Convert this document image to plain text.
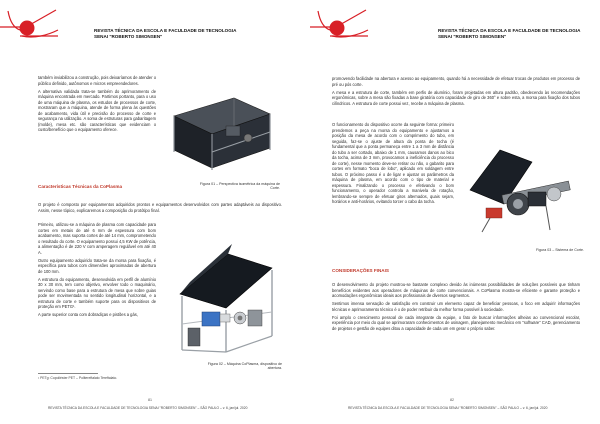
REVISTA TÉCNICA DA ESCOLA E FACULDADE DE TECNOLOGIA
SENAI "ROBERTO SIMONSEN"

também inviabilizou a construção, pois deixaríamos de atender o público definido, autônomos e micros empreendedores.

A alternativa validada trata-se também do aprimoramento de máquina encontrada em mercado. Partimos portanto, para o uso de uma máquina de plasma, os estudos de processos de corte, mostraram que a máquina, atende de forma plena às questões de acabamento, vida útil e precisão do processo de corte e segurança na utilização. A soma de estruturas para gabaritagem (molde), mesa etc. são características que evidenciam o custo/benefício que o equipamento oferece.

Figura 01 – Perspectiva isométrica da máquina de Corte.
Características Técnicas da CoPlasma

O projeto é composto por equipamentos adquiridos prontos e equipamentos desenvolvidos com partes adaptáveis ao dispositivo. Assim, nesse tópico, explicaremos a composição do protótipo final.

Primeiro, utilizou-se a máquina de plasma com capacidade para cortes em metais de até 6 mm de espessura com bom acabamento, mas suporta cortes de até 14 mm, comprometendo o resultado do corte. O equipamento possui 4,5 KW de potência, a alimentação é de 220 V com amperagem regulável em até 40 A.

Outro equipamento adquirido trata-se da morsa para fixação, é específica para tubos com dimensões aproximadas de abertura de 100 mm.

A estrutura do equipamento, desenvolvida em perfil de alumínio 30 x 30 mm, tem como objetivo, envolver todo o maquinário, servindo como base para a estrutura de mesa que sobre guias pode ser movimentada no sentido longitudinal horizontal, e a estrutura de corte e também suporte para os dispositivos de proteção em PETG¹.

A parte superior conta com dobradiças e pistões a gás,

Figura 02 – Máquina CoPlasma, dispositivo de abertura.
¹ PETg: Copoliéster PET – Politereftalato Tereftalato.
81
REVISTA TÉCNICA DA ESCOLA E FACULDADE DE TECNOLOGIA SENAI "ROBERTO SIMONSEN" – SÃO PAULO – v. 6, jan/jul. 2020
REVISTA TÉCNICA DA ESCOLA E FACULDADE DE TECNOLOGIA
SENAI "ROBERTO SIMONSEN"

promovendo facilidade na abertura e acesso ao equipamento, quando há a necessidade de efetuar trocas de produtos em processo de pré ou pós corte.

A mesa e a estrutura de corte, também em perfis de alumínio, foram projetadas em altura padrão, obedecendo às recomendações ergonômicas, sobre a mesa são fixadas a base giratória com capacidade de giro de 360° e sobre esta, a morsa para fixação dos tubos cilíndricos. A estrutura de corte possui vez, recebe a máquina de plasma.

O funcionamento do dispositivo ocorre da seguinte forma: primeiro prendemos a peça na morsa do equipamento e ajustamos a posição da mesa de acordo com o comprimento do tubo, em seguida, faz-se o ajuste de altura da ponta de tocha (é fundamental que a ponta permaneça entre 1 a 3 mm de distância do tubo a ser cortado, abaixo de 1 mm, causamos danos ao bico da tocha, acima de 3 mm, provocamos a ineficiência do processo de corte), nesse momento deve-se retirar ou não, o gabarito para cortes em formato "boca de lobo", aplicado em soldagem entre tubos. O próximo passo é o de ligar e ajustar os parâmetros da máquina de plasma, em acordo com o tipo de material e espessura. Finalizando o processo e efetivando o bom funcionamento, o operador controla a manivela de rotação, lembrando-se sempre de efetuar giros alternados, quais sejam, horários e anti-horários, evitando torcer o cabo da tocha.

Figura 03 – Sistema de Corte.
CONSIDERAÇÕES FINAIS

O desenvolvimento do projeto mostrou-se bastante complexo devido às inúmeras possibilidades de soluções possíveis que tinham benefícios evidentes aos operadores de máquinas de corte convencionais. A CoPlasma mostra-se eficiente e garante proteção e acomodações ergonômicas ideais aos profissionais de diversos segmentos.

Sentimos imensa sensação de satisfação em construir um elemento capaz de beneficiar pessoas, o foco em adquirir informações técnicas e aprimoramento técnico é o de poder retribuir da melhor forma possível à sociedade.

Foi amplo o crescimento pessoal de cada integrante da equipe, o fato de buscar informações alheias ao convencional escolar, experiência por meio do qual se aprimoraram conhecimentos de usinagem, planejamento mecânico em "software" CAD, gerenciamento de projetos e gestão de equipes ditou a capacidade de cada um em gerar o próprio saber.

82
REVISTA TÉCNICA DA ESCOLA E FACULDADE DE TECNOLOGIA SENAI "ROBERTO SIMONSEN" – SÃO PAULO – v. 6, jan/jul. 2020
